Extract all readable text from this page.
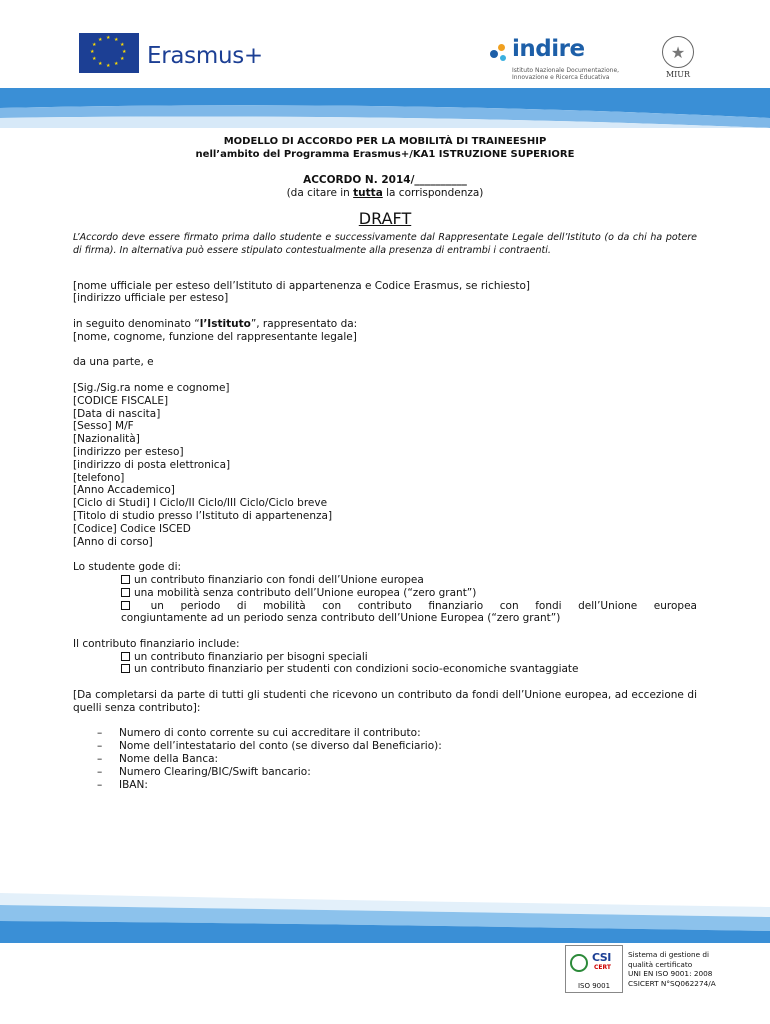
★ ★
★
★
★
★
★
★
★
★
★
★
Erasmus+	indire
Istituto Nazionale Documentazione, Innovazione e Ricerca Educativa
★	MIUR
MODELLO DI ACCORDO PER LA MOBILITÀ DI TRAINEESHIP
nell’ambito del Programma Erasmus+/KA1 ISTRUZIONE SUPERIORE
ACCORDO N. 2014/__________
(da citare in tutta la corrispondenza)
DRAFT
L’Accordo deve essere firmato prima dallo studente e successivamente dal Rappresentate Legale dell’Istituto (o da chi ha potere di firma). In alternativa può essere stipulato contestualmente alla presenza di entrambi i contraenti.
[nome ufficiale per esteso dell’Istituto di appartenenza e Codice Erasmus, se richiesto]
[indirizzo ufficiale per esteso]
in seguito denominato “l’Istituto”, rappresentato da:
[nome, cognome, funzione del rappresentante legale]
da una parte, e
[Sig./Sig.ra nome e cognome]
[CODICE FISCALE]
[Data di nascita]
[Sesso] M/F
[Nazionalità]
[indirizzo per esteso]
[indirizzo di posta elettronica]
[telefono]
[Anno Accademico]
[Ciclo di Studi] I Ciclo/II Ciclo/III Ciclo/Ciclo breve
[Titolo di studio presso l’Istituto di appartenenza]
[Codice] Codice ISCED
[Anno di corso]
Lo studente gode di:
un contributo finanziario con fondi dell’Unione europea
una mobilità senza contributo dell’Unione europea (“zero grant”)
un periodo di mobilità con contributo finanziario con fondi dell’Unione europea
congiuntamente ad un periodo senza contributo dell’Unione Europea (“zero grant”)
Il contributo finanziario include:
un contributo finanziario per bisogni speciali
un contributo finanziario per studenti con condizioni socio-economiche svantaggiate
[Da completarsi da parte di tutti gli studenti che ricevono un contributo da fondi dell’Unione europea, ad eccezione di quelli senza contributo]:
– Numero di conto corrente su cui accreditare il contributo:
– Nome dell’intestatario del conto (se diverso dal Beneficiario):
– Nome della Banca:
– Numero Clearing/BIC/Swift bancario:
– IBAN:
CSI
CERT
ISO 9001
Sistema di gestione di
qualità certificato
UNI EN ISO 9001: 2008
CSICERT N°SQ062274/A
